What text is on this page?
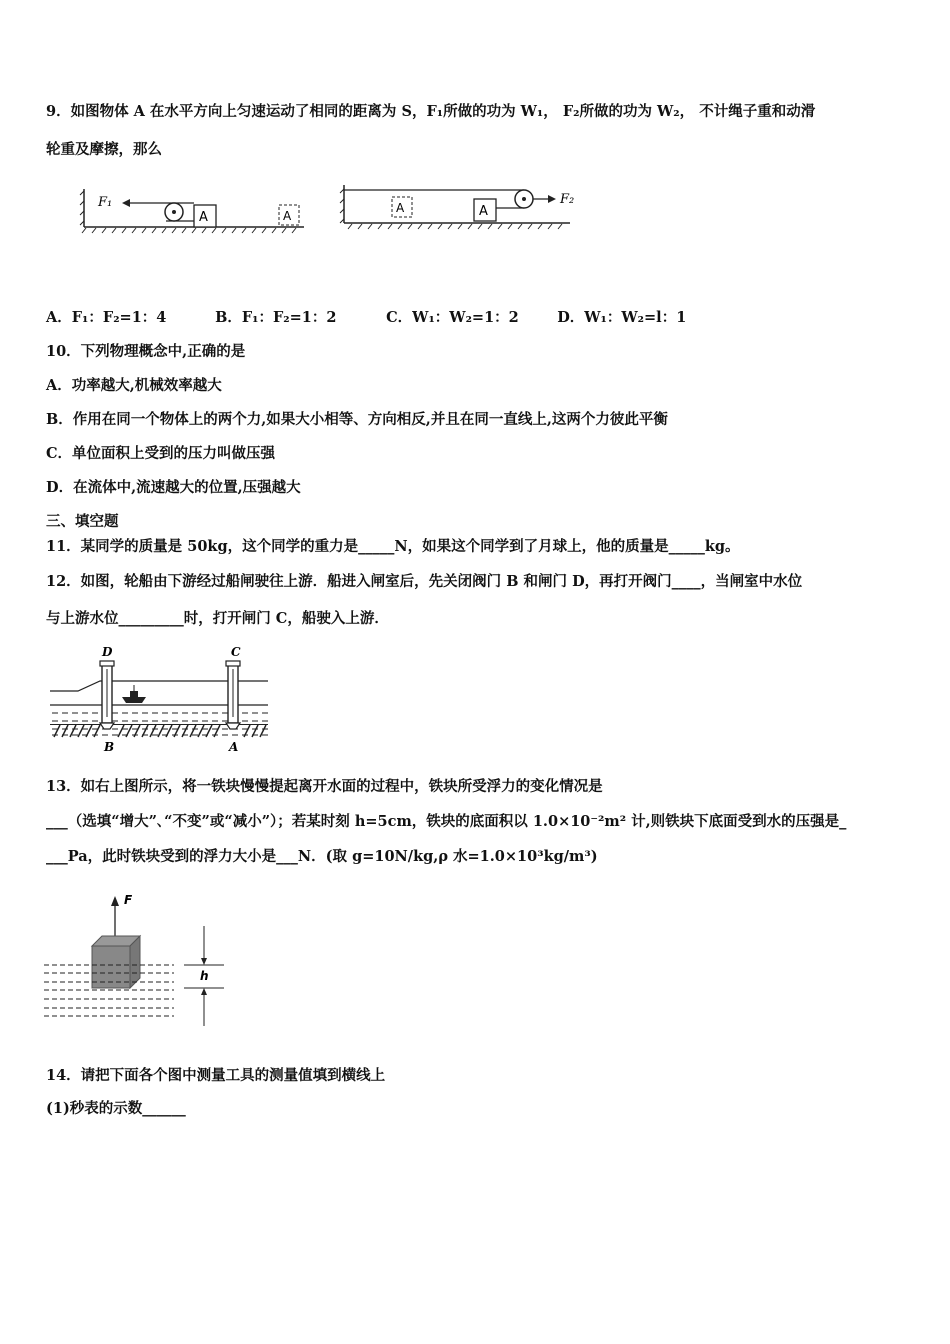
9．如图物体 A 在水平方向上匀速运动了相同的距离为 S，F₁所做的功为 W₁， F₂所做的功为 W₂， 不计绳子重和动滑
轮重及摩擦，那么
F₁
A	A
A	A
F₂
A．F₁：F₂=1：4	B．F₁：F₂=1：2	C．W₁：W₂=1：2	D．W₁：W₂=l：1
10．下列物理概念中,正确的是
A．功率越大,机械效率越大
B．作用在同一个物体上的两个力,如果大小相等、方向相反,并且在同一直线上,这两个力彼此平衡
C．单位面积上受到的压力叫做压强
D．在流体中,流速越大的位置,压强越大
三、填空题
11．某同学的质量是 50kg，这个同学的重力是_____N，如果这个同学到了月球上，他的质量是_____kg。
12．如图，轮船由下游经过船闸驶往上游．船进入闸室后，先关闭阀门 B 和闸门 D，再打开阀门____，当闸室中水位
与上游水位_________时，打开闸门 C，船驶入上游．
D	C
B	A
13．如右上图所示，将一铁块慢慢提起离开水面的过程中，铁块所受浮力的变化情况是
___（选填“增大”､“不变”或“减小”）；若某时刻 h=5cm，铁块的底面积以 1.0×10⁻²m² 计,则铁块下底面受到水的压强是_
___Pa，此时铁块受到的浮力大小是___N．(取 g=10N/kg,ρ 水=1.0×10³kg/m³)
F
h
14．请把下面各个图中测量工具的测量值填到横线上
(1)秒表的示数______
